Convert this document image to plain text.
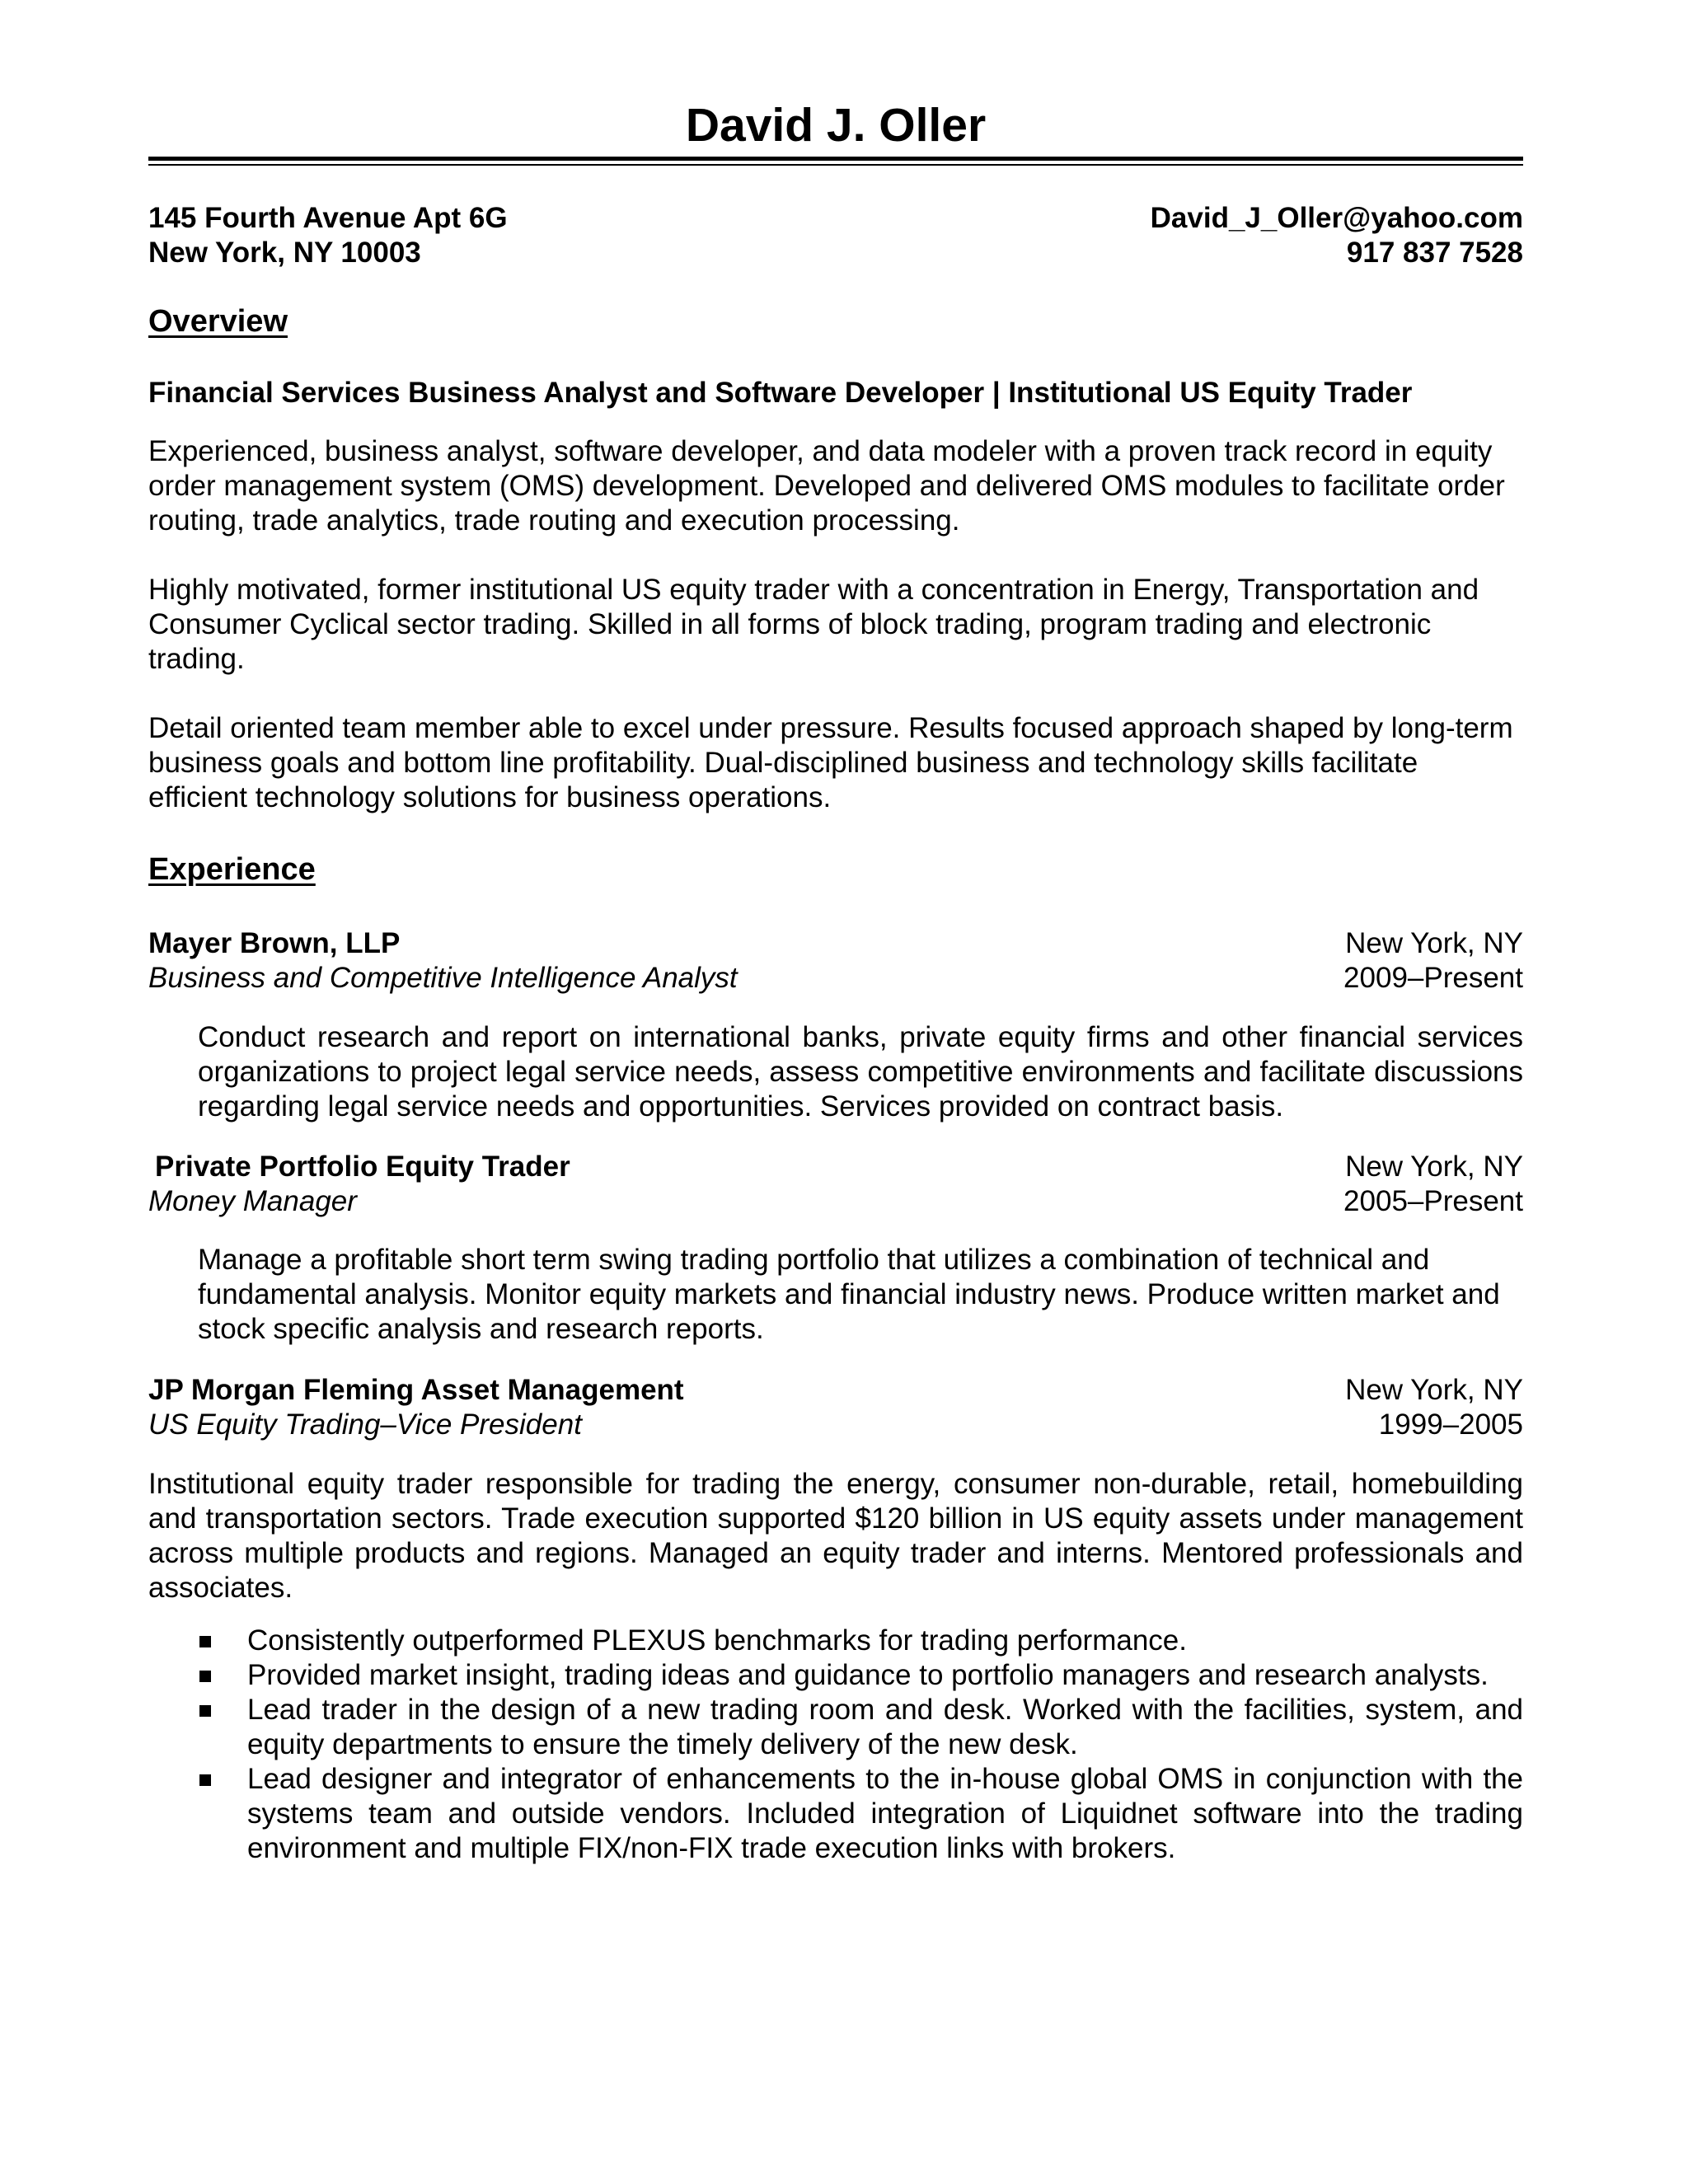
David J. Oller
145 Fourth Avenue Apt 6G	David_J_Oller@yahoo.com
New York, NY 10003	917 837 7528
Overview
Financial Services Business Analyst and Software Developer | Institutional US Equity Trader
Experienced, business analyst, software developer, and data modeler with a proven track record in equity order management system (OMS) development. Developed and delivered OMS modules to facilitate order routing, trade analytics, trade routing and execution processing.
Highly motivated, former institutional US equity trader with a concentration in Energy, Transportation and Consumer Cyclical sector trading. Skilled in all forms of block trading, program trading and electronic trading.
Detail oriented team member able to excel under pressure. Results focused approach shaped by long-term business goals and bottom line profitability. Dual-disciplined business and technology skills facilitate efficient technology solutions for business operations.
Experience
Mayer Brown, LLP	New York, NY
Business and Competitive Intelligence Analyst	2009–Present
Conduct research and report on international banks, private equity firms and other financial services organizations to project legal service needs, assess competitive environments and facilitate discussions regarding legal service needs and opportunities. Services provided on contract basis.
Private Portfolio Equity Trader	New York, NY
Money Manager	2005–Present
Manage a profitable short term swing trading portfolio that utilizes a combination of technical and fundamental analysis. Monitor equity markets and financial industry news. Produce written market and stock specific analysis and research reports.
JP Morgan Fleming Asset Management	New York, NY
US Equity Trading–Vice President	1999–2005
Institutional equity trader responsible for trading the energy, consumer non-durable, retail, homebuilding and transportation sectors. Trade execution supported $120 billion in US equity assets under management across multiple products and regions. Managed an equity trader and interns. Mentored professionals and associates.
Consistently outperformed PLEXUS benchmarks for trading performance.
Provided market insight, trading ideas and guidance to portfolio managers and research analysts.
Lead trader in the design of a new trading room and desk. Worked with the facilities, system, and equity departments to ensure the timely delivery of the new desk.
Lead designer and integrator of enhancements to the in-house global OMS in conjunction with the systems team and outside vendors. Included integration of Liquidnet software into the trading environment and multiple FIX/non-FIX trade execution links with brokers.
